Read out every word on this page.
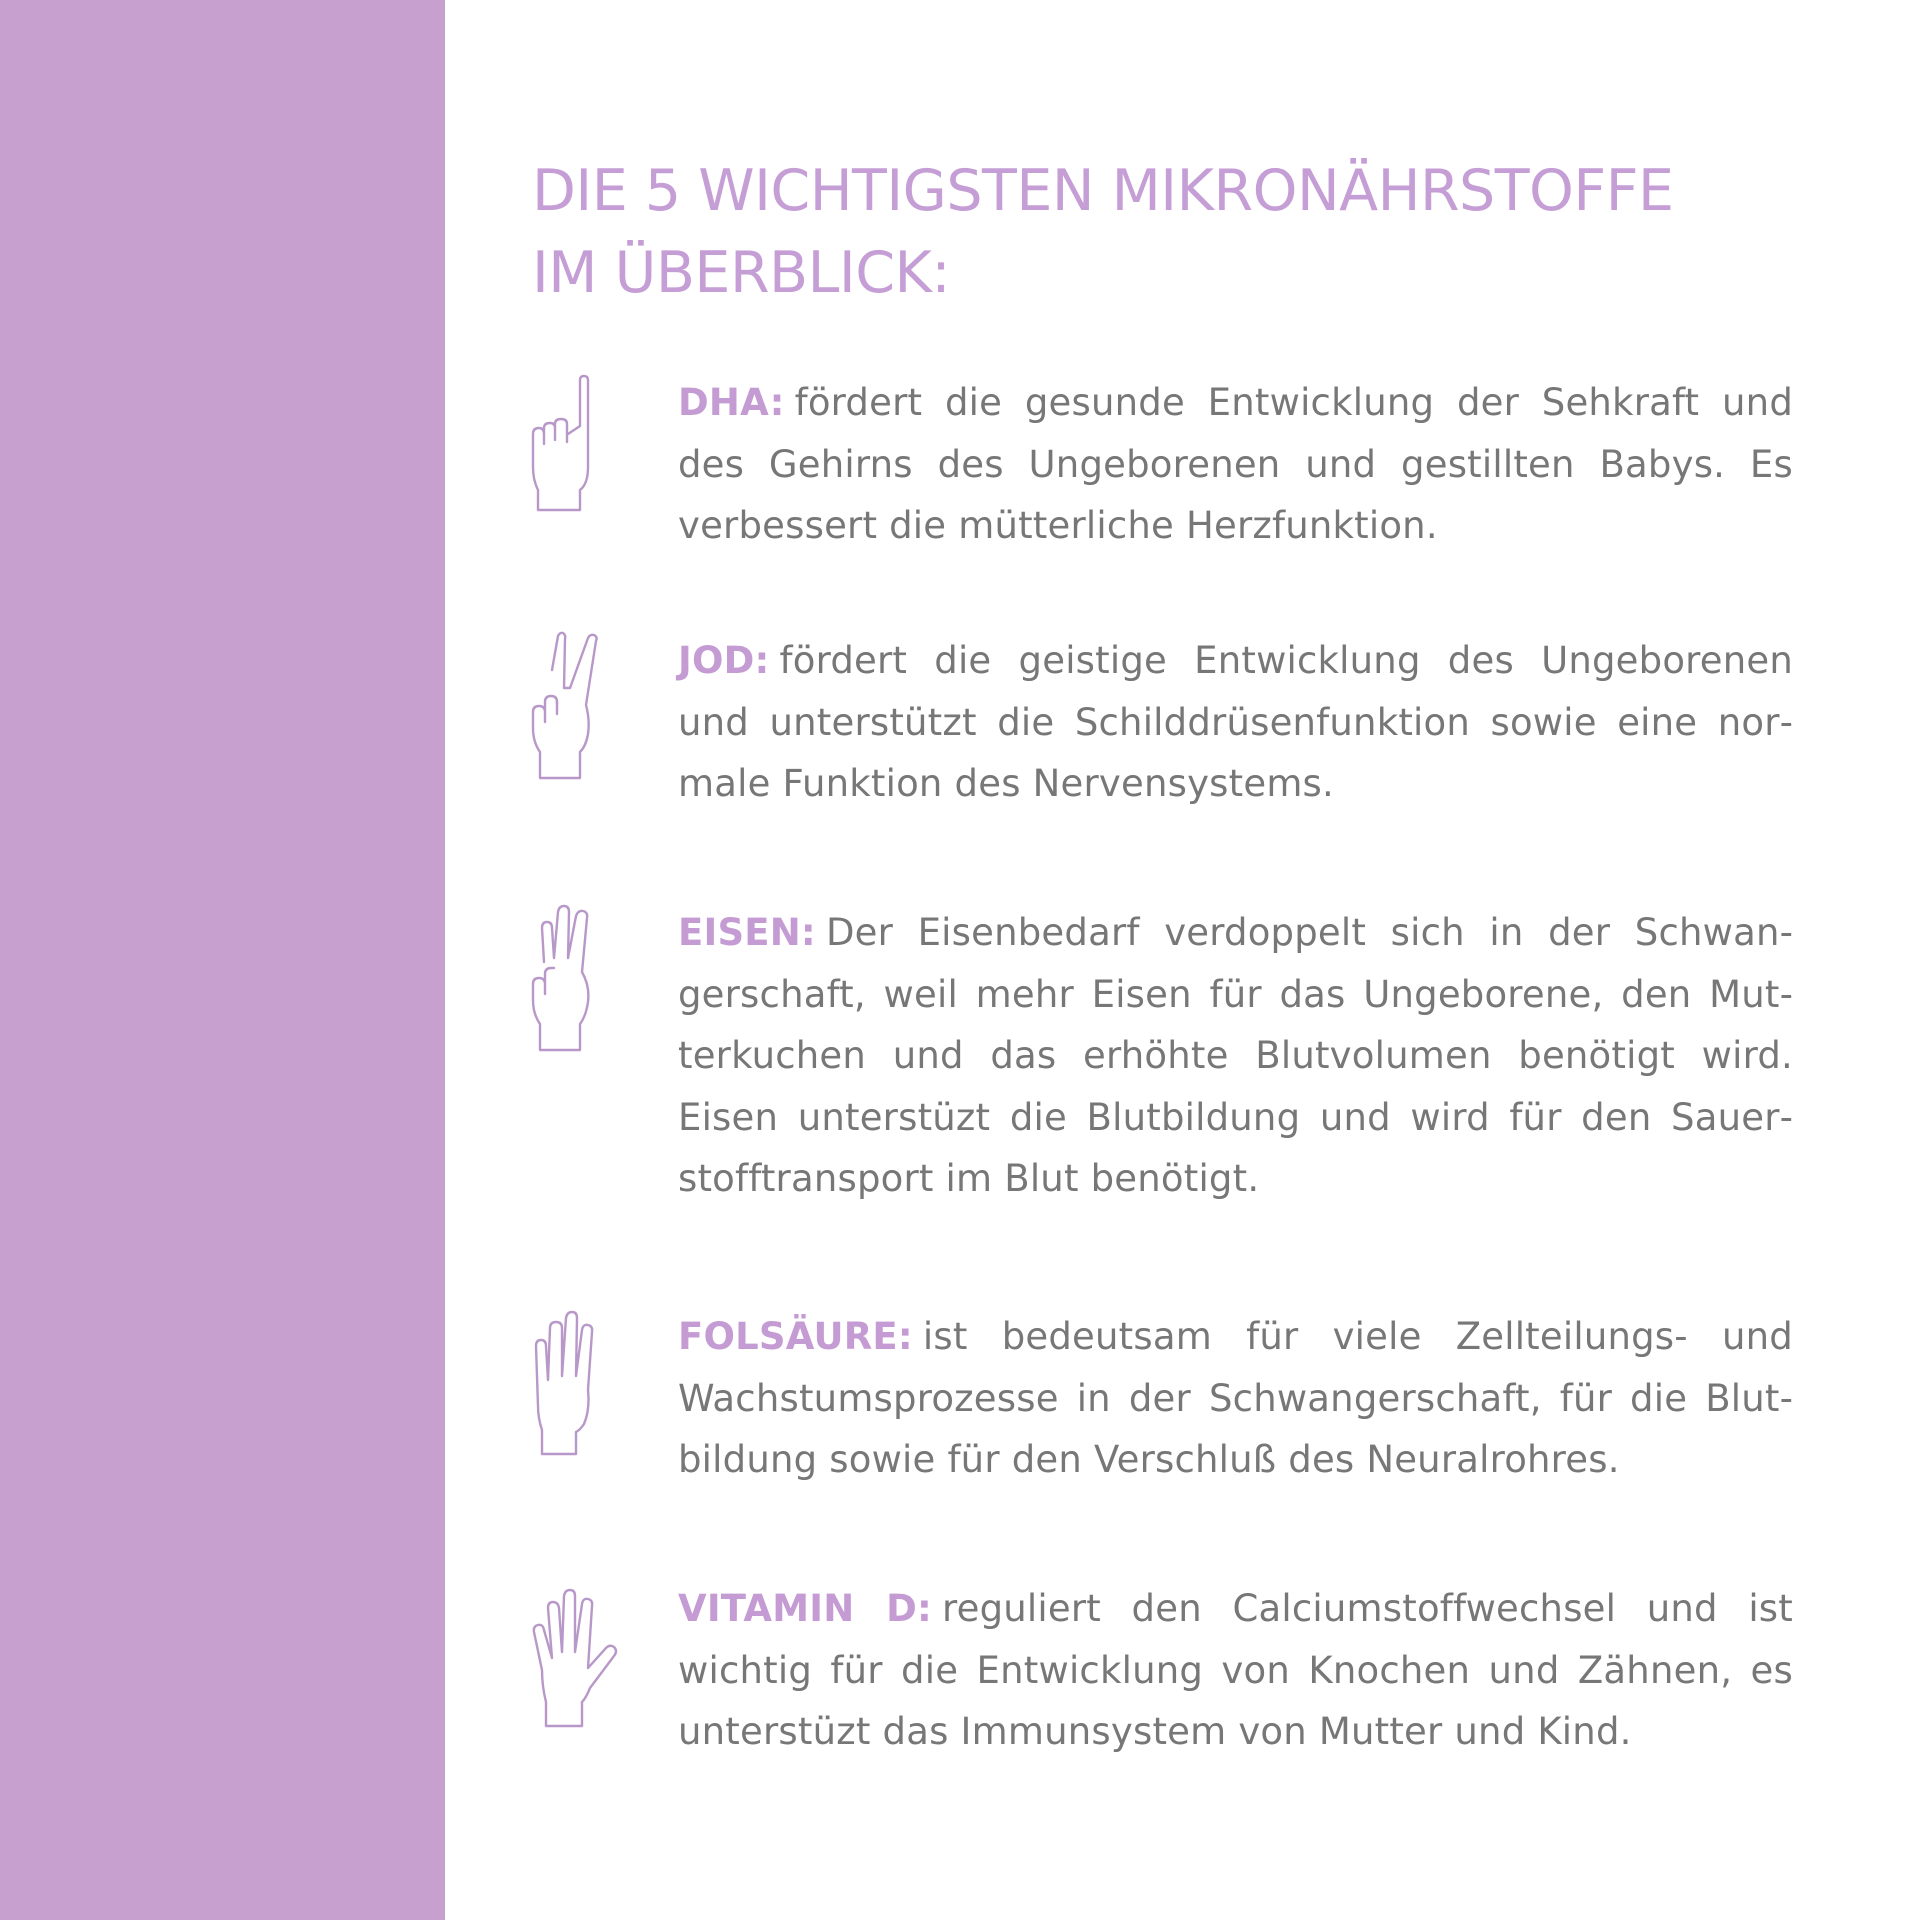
DIE 5 WICHTIGSTEN MIKRONÄHRSTOFFE
IM ÜBERBLICK:

DHA: fördert die gesunde Entwicklung der Sehkraft und des Gehirns des Ungeborenen und gestillten Babys. Es verbessert die mütterliche Herzfunktion.

JOD: fördert die geistige Entwicklung des Ungeborenen und unterstützt die Schilddrüsenfunktion sowie eine normale Funktion des Nervensystems.

EISEN: Der Eisenbedarf verdoppelt sich in der Schwangerschaft, weil mehr Eisen für das Ungeborene, den Mutterkuchen und das erhöhte Blutvolumen benötigt wird. Eisen unterstüzt die Blutbildung und wird für den Sauerstofftransport im Blut benötigt.

FOLSÄURE: ist bedeutsam für viele Zellteilungs- und Wachstumsprozesse in der Schwangerschaft, für die Blutbildung sowie für den Verschluß des Neuralrohres.

VITAMIN D: reguliert den Calciumstoffwechsel und ist wichtig für die Entwicklung von Knochen und Zähnen, es unterstüzt das Immunsystem von Mutter und Kind.
